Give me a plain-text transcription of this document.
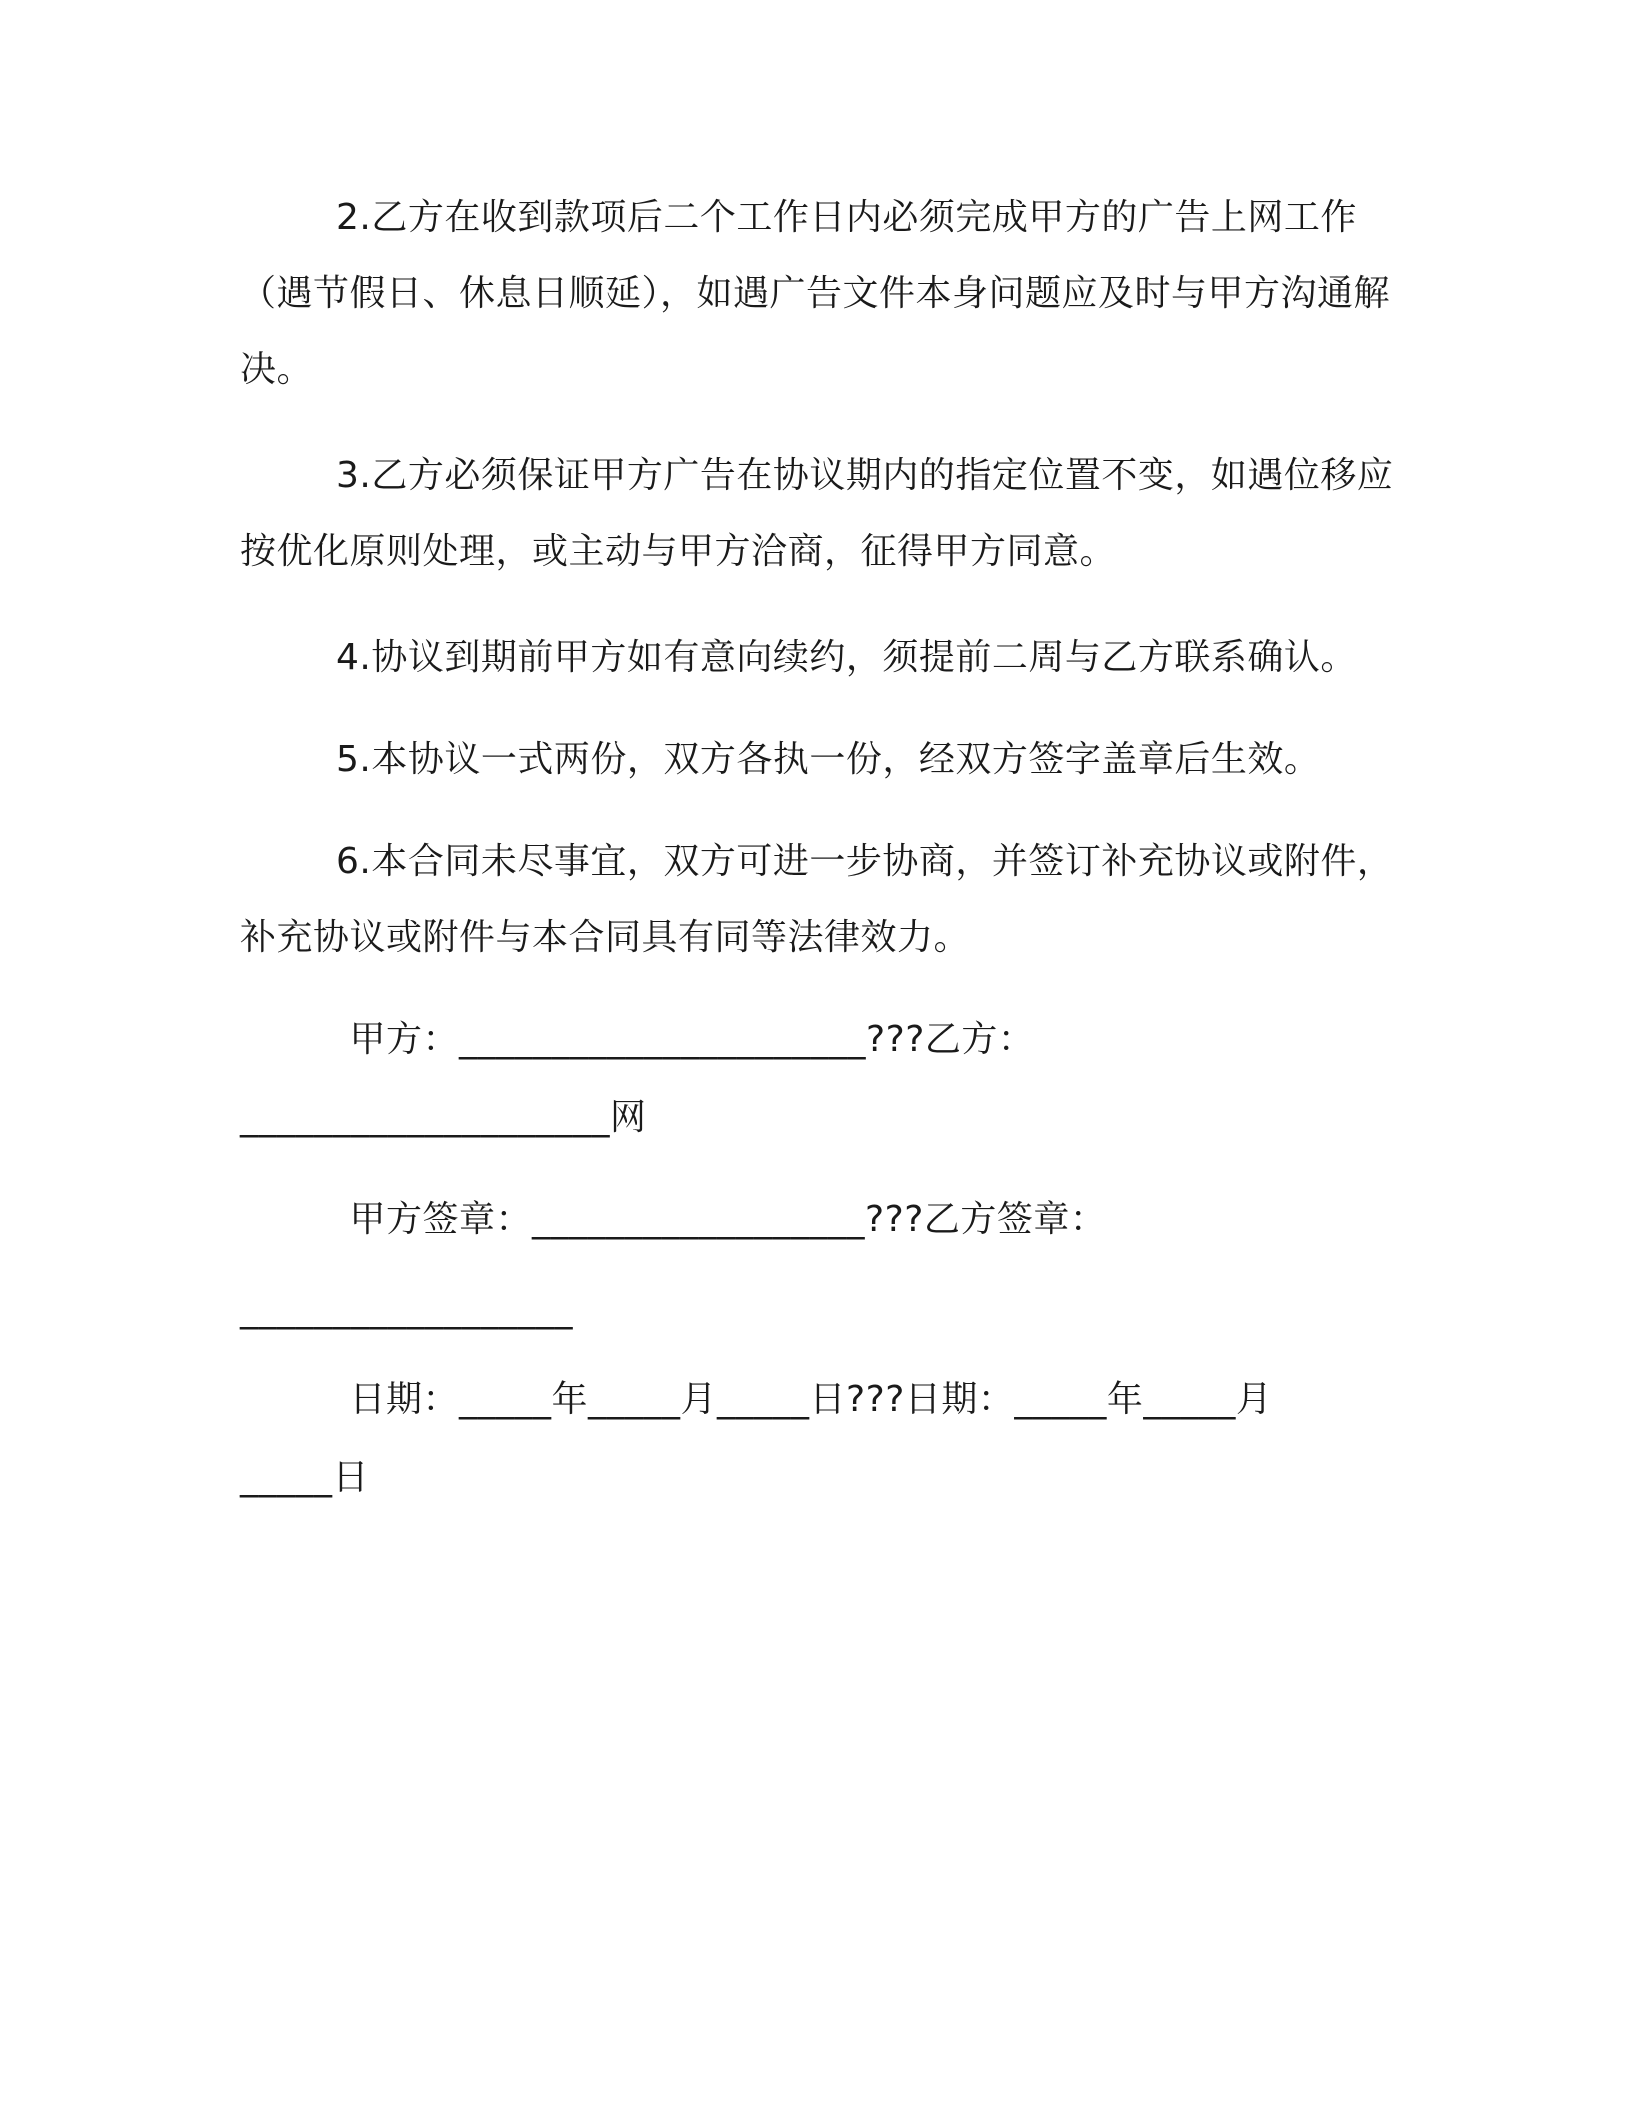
2.乙方在收到款项后二个工作日内必须完成甲方的广告上网工作（遇节假日、休息日顺延），如遇广告文件本身问题应及时与甲方沟通解决。

3.乙方必须保证甲方广告在协议期内的指定位置不变，如遇位移应按优化原则处理，或主动与甲方洽商，征得甲方同意。

4.协议到期前甲方如有意向续约，须提前二周与乙方联系确认。

5.本协议一式两份，双方各执一份，经双方签字盖章后生效。

6.本合同未尽事宜，双方可进一步协商，并签订补充协议或附件，补充协议或附件与本合同具有同等法律效力。

　　　甲方：______________________???乙方：
____________________网
　　　甲方签章：__________________???乙方签章：
__________________
　　　日期：_____年_____月_____日???日期：_____年_____月
_____日
